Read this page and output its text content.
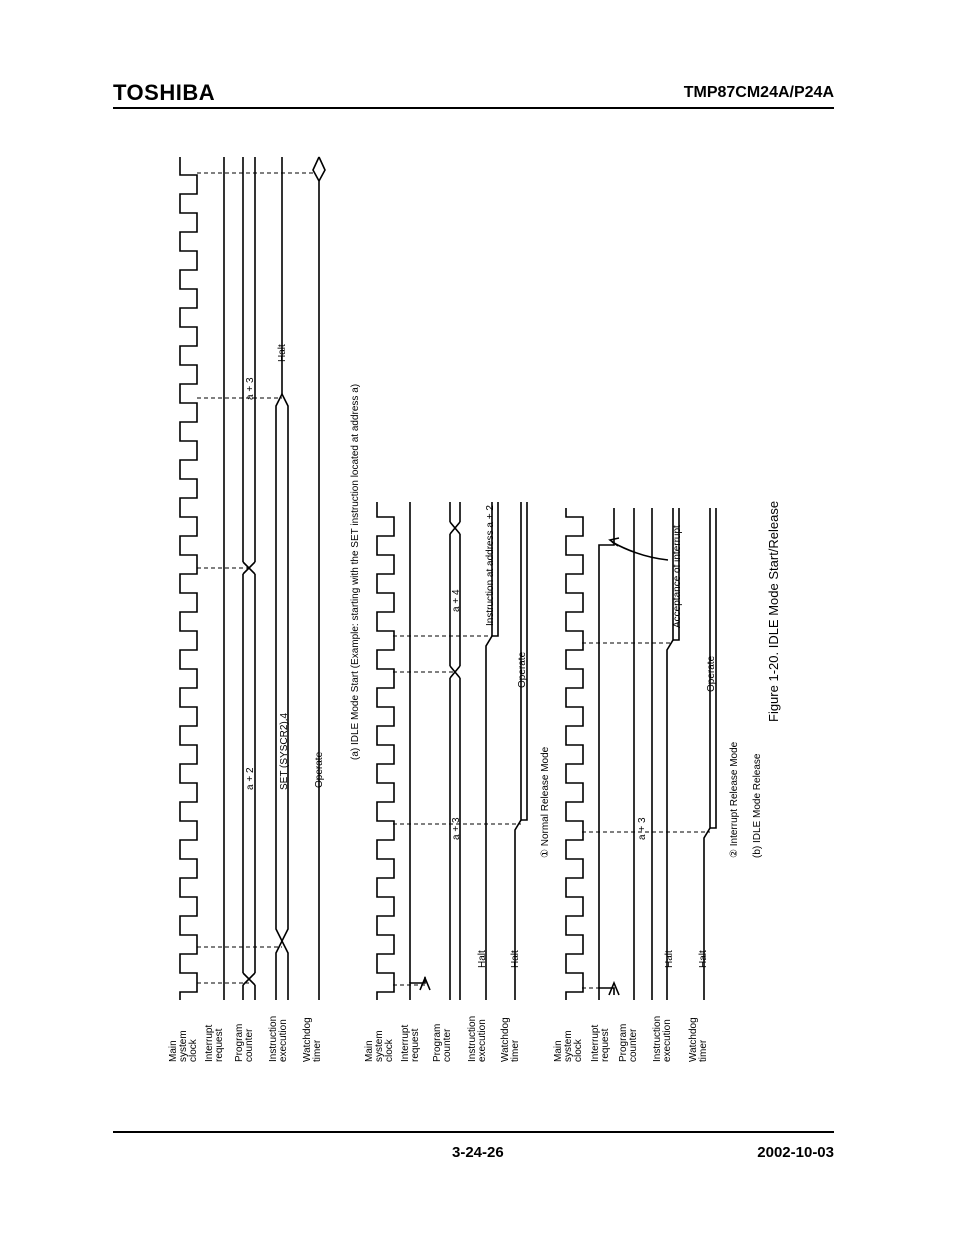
TOSHIBA	TMP87CM24A/P24A
a + 2
a + 3
SET (SYSCR2).4
Halt
Operate
(a) IDLE Mode Start (Example: starting with the SET instruction located at address a)
Main system clock Interrupt request Program counter Instruction execution Watchdog timer
a + 3
a + 4
Halt
Instruction at address a + 2
Halt
Operate
① Normal Release Mode
Main system clock Interrupt request Program counter Instruction execution Watchdog timer
a + 3
Halt
Acceptance of interrupt
Halt
Operate
② Interrupt Release Mode (b) IDLE Mode Release
Main system clock Interrupt request Program counter Instruction execution Watchdog timer
Figure 1-20. IDLE Mode Start/Release
3-24-26	2002-10-03
